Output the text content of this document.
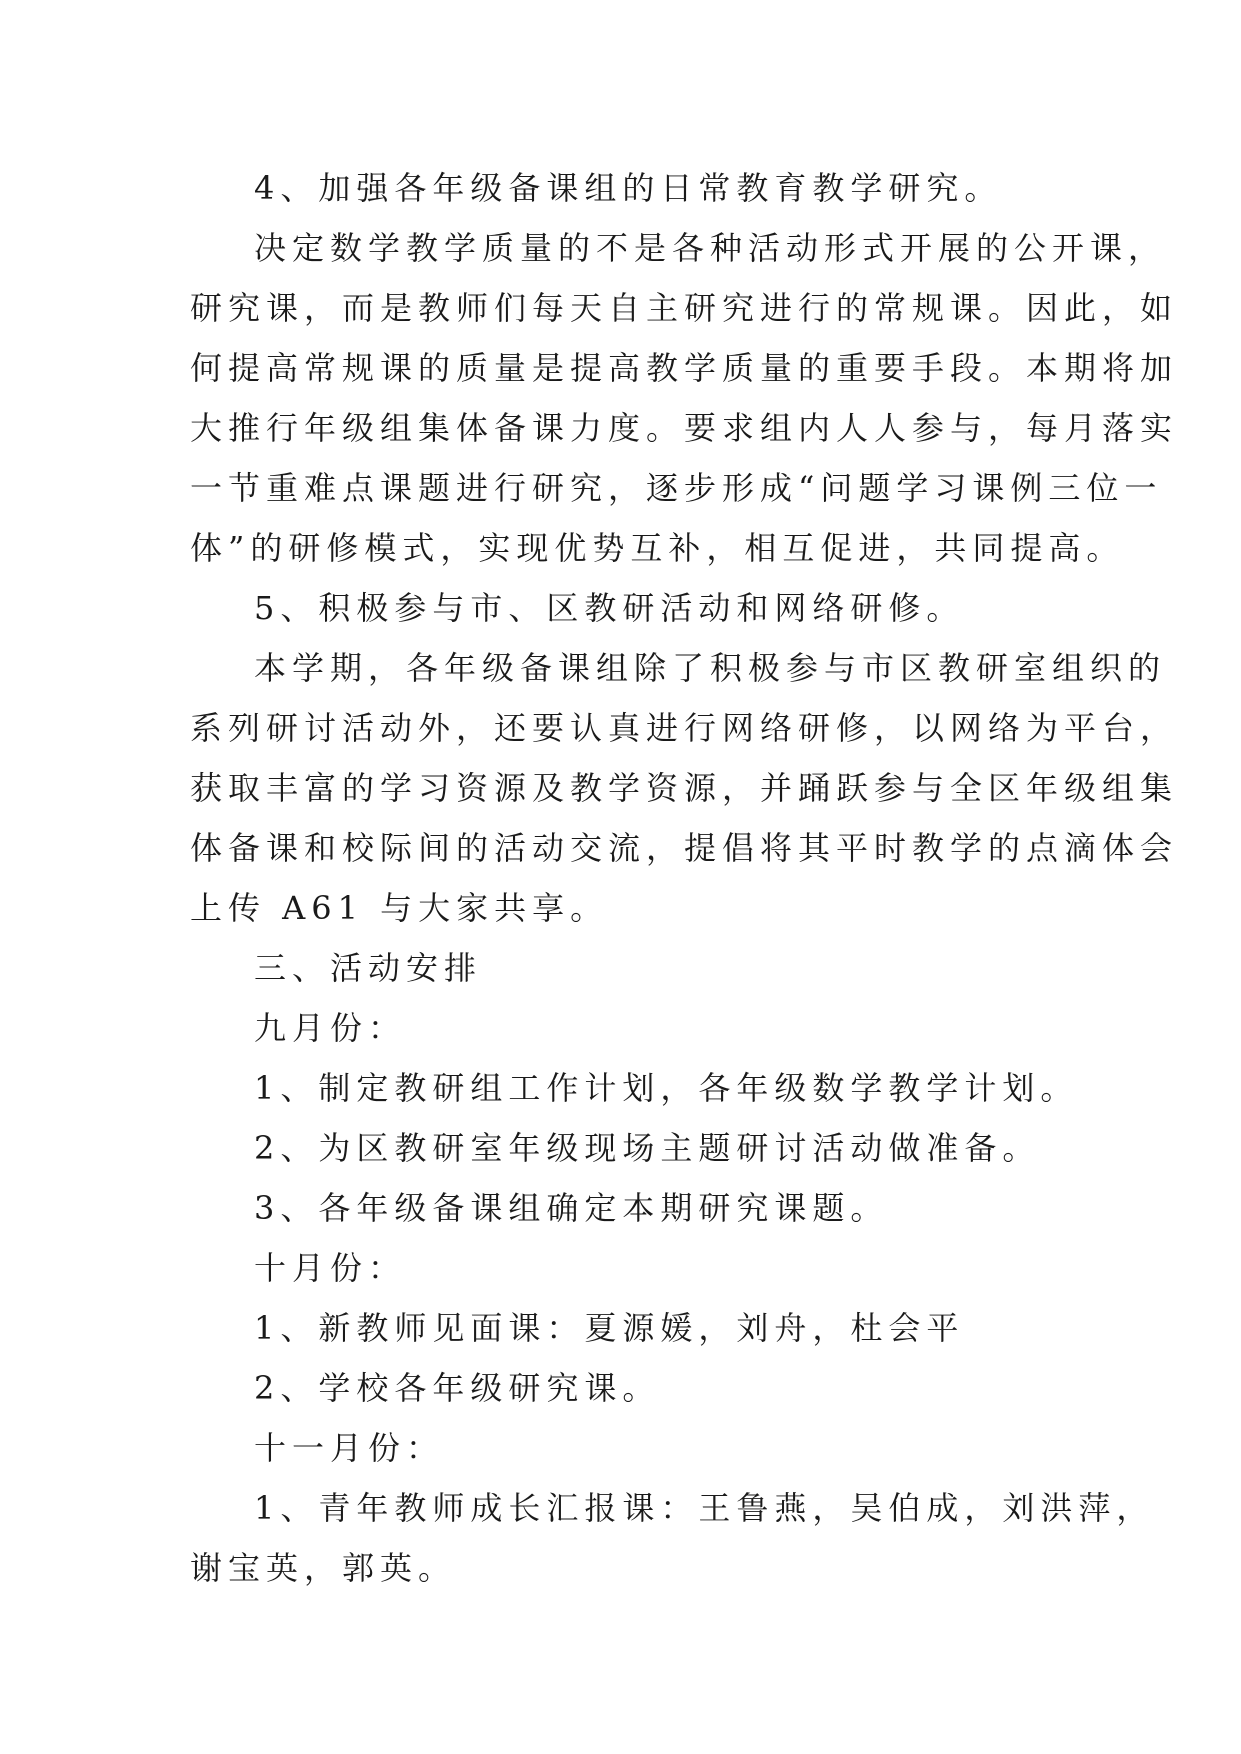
4、加强各年级备课组的日常教育教学研究。
决定数学教学质量的不是各种活动形式开展的公开课，
研究课，而是教师们每天自主研究进行的常规课。因此，如
何提高常规课的质量是提高教学质量的重要手段。本期将加
大推行年级组集体备课力度。要求组内人人参与，每月落实
一节重难点课题进行研究，逐步形成“问题学习课例三位一
体”的研修模式，实现优势互补，相互促进，共同提高。
5、积极参与市、区教研活动和网络研修。
本学期，各年级备课组除了积极参与市区教研室组织的
系列研讨活动外，还要认真进行网络研修，以网络为平台，
获取丰富的学习资源及教学资源，并踊跃参与全区年级组集
体备课和校际间的活动交流，提倡将其平时教学的点滴体会
上传 A61 与大家共享。
三、活动安排
九月份：
1、制定教研组工作计划，各年级数学教学计划。
2、为区教研室年级现场主题研讨活动做准备。
3、各年级备课组确定本期研究课题。
十月份：
1、新教师见面课：夏源媛，刘舟，杜会平
2、学校各年级研究课。
十一月份：
1、青年教师成长汇报课：王鲁燕，吴伯成，刘洪萍，
谢宝英，郭英。
